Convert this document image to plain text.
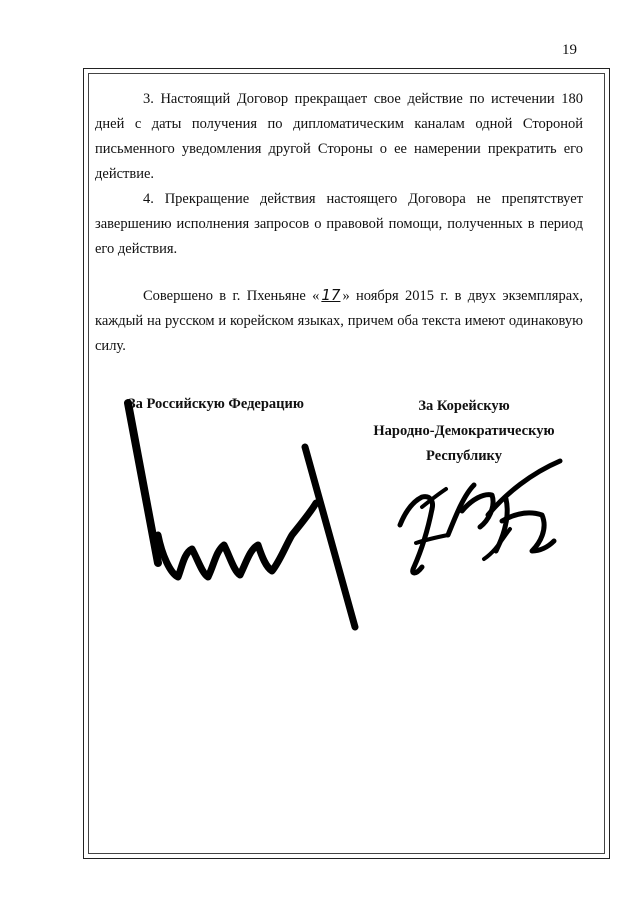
19

3. Настоящий Договор прекращает свое действие по истечении 180 дней с даты получения по дипломатическим каналам одной Стороной письменного уведомления другой Стороны о ее намерении прекратить его действие.

4. Прекращение действия настоящего Договора не препятствует завершению исполнения запросов о правовой помощи, полученных в период его действия.

Совершено в г. Пхеньяне « 17 » ноября 2015 г. в двух экземплярах, каждый на русском и корейском языках, причем оба текста имеют одинаковую силу.

За Российскую Федерацию	За Корейскую
Народно-Демократическую
Республику
